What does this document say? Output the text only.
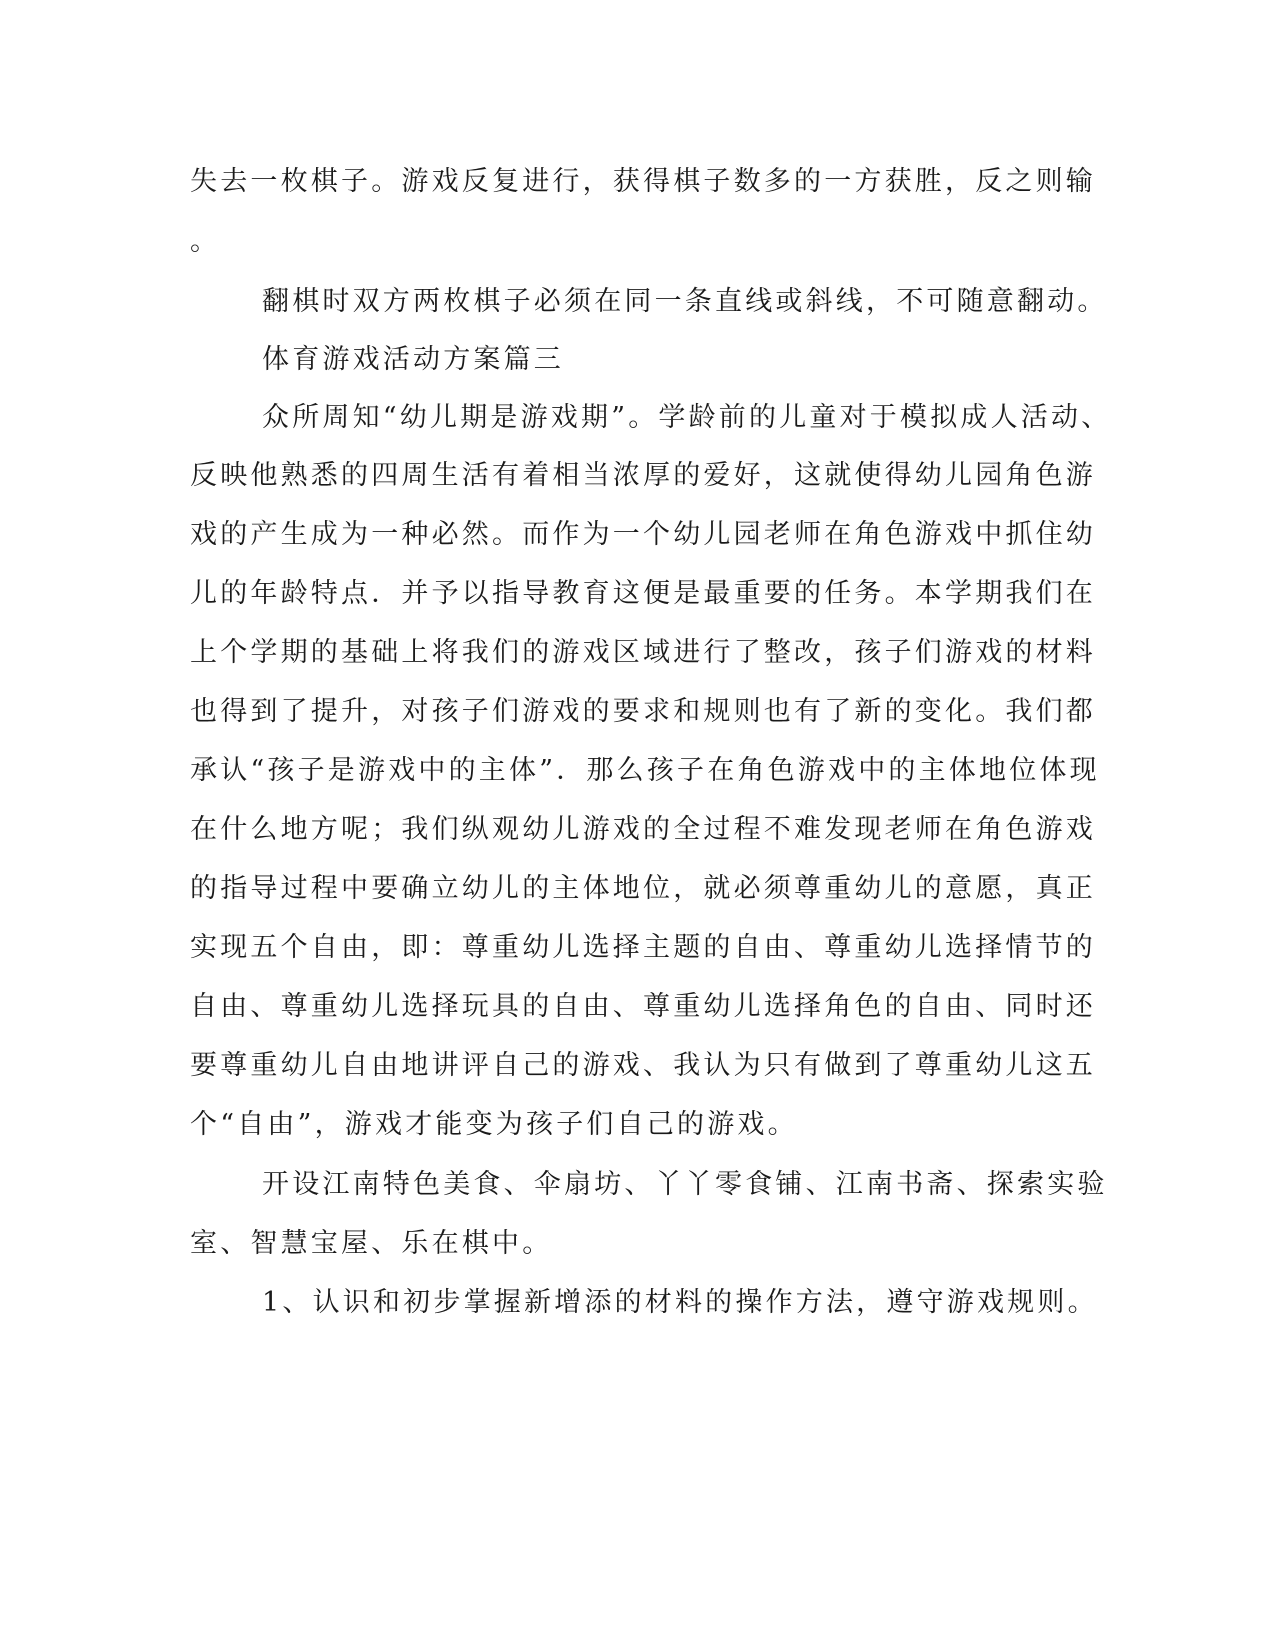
失去一枚棋子。游戏反复进行，获得棋子数多的一方获胜，反之则输
。
翻棋时双方两枚棋子必须在同一条直线或斜线，不可随意翻动。
体育游戏活动方案篇三
众所周知“幼儿期是游戏期”。学龄前的儿童对于模拟成人活动、
反映他熟悉的四周生活有着相当浓厚的爱好，这就使得幼儿园角色游
戏的产生成为一种必然。而作为一个幼儿园老师在角色游戏中抓住幼
儿的年龄特点．并予以指导教育这便是最重要的任务。本学期我们在
上个学期的基础上将我们的游戏区域进行了整改，孩子们游戏的材料
也得到了提升，对孩子们游戏的要求和规则也有了新的变化。我们都
承认“孩子是游戏中的主体”．那么孩子在角色游戏中的主体地位体现
在什么地方呢；我们纵观幼儿游戏的全过程不难发现老师在角色游戏
的指导过程中要确立幼儿的主体地位，就必须尊重幼儿的意愿，真正
实现五个自由，即：尊重幼儿选择主题的自由、尊重幼儿选择情节的
自由、尊重幼儿选择玩具的自由、尊重幼儿选择角色的自由、同时还
要尊重幼儿自由地讲评自己的游戏、我认为只有做到了尊重幼儿这五
个“自由”，游戏才能变为孩子们自己的游戏。
开设江南特色美食、伞扇坊、丫丫零食铺、江南书斋、探索实验
室、智慧宝屋、乐在棋中。
1、认识和初步掌握新增添的材料的操作方法，遵守游戏规则。
